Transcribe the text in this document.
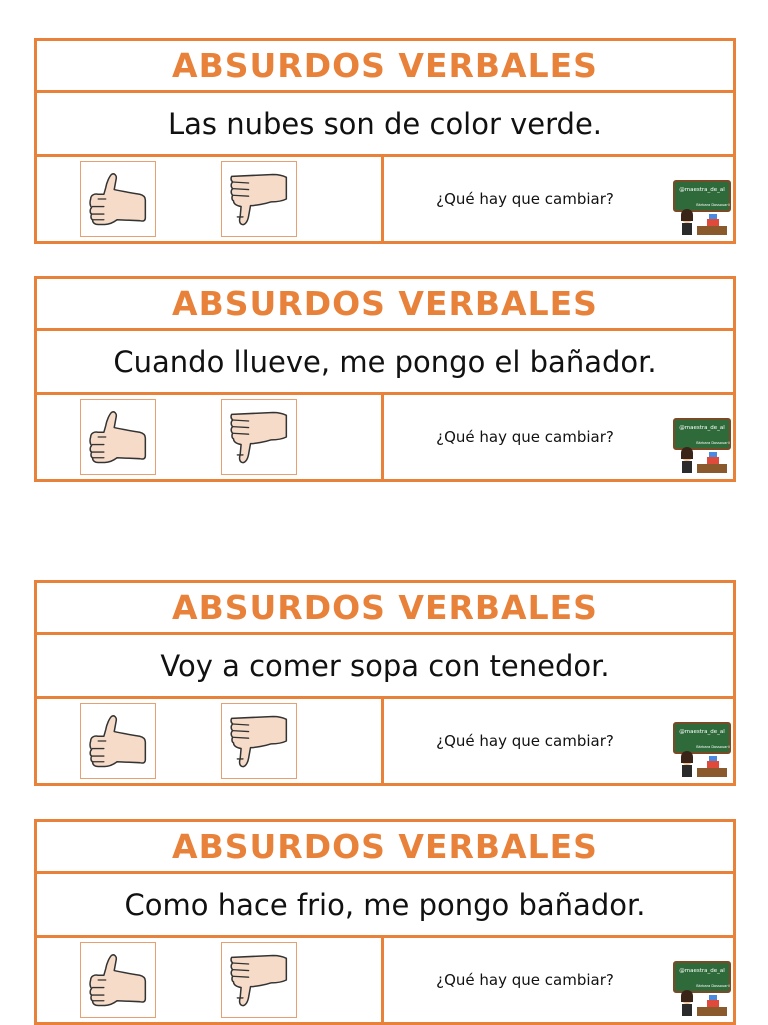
ABSURDOS VERBALES
Las nubes son de color verde.
¿Qué hay que cambiar?	@maestra_de_al
Bárbara Dossouarii
ABSURDOS VERBALES
Cuando llueve, me pongo el bañador.
¿Qué hay que cambiar?	@maestra_de_al
Bárbara Dossouarii
ABSURDOS VERBALES
Voy a comer sopa con tenedor.
¿Qué hay que cambiar?	@maestra_de_al
Bárbara Dossouarii
ABSURDOS VERBALES
Como hace frio, me pongo bañador.
¿Qué hay que cambiar?	@maestra_de_al
Bárbara Dossouarii
